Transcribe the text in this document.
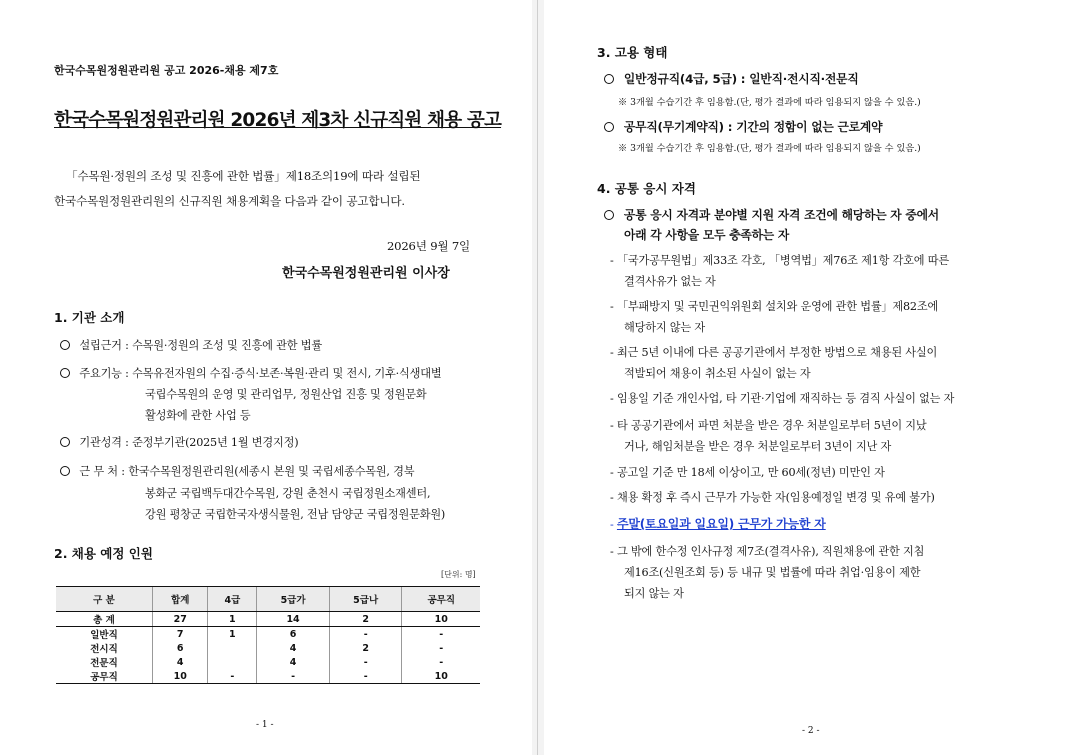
한국수목원정원관리원 공고 2026-채용 제7호
한국수목원정원관리원 2026년 제3차 신규직원 채용 공고
「수목원·정원의 조성 및 진흥에 관한 법률」제18조의19에 따라 설립된
한국수목원정원관리원의 신규직원 채용계획을 다음과 같이 공고합니다.
2026년 9월 7일
한국수목원정원관리원 이사장
1. 기관 소개
설립근거 : 수목원·정원의 조성 및 진흥에 관한 법률
주요기능 : 수목유전자원의 수집·증식·보존·복원·관리 및 전시, 기후·식생대별
국립수목원의 운영 및 관리업무, 정원산업 진흥 및 정원문화
활성화에 관한 사업 등
기관성격 : 준정부기관(2025년 1월 변경지정)
근 무 처 : 한국수목원정원관리원(세종시 본원 및 국립세종수목원, 경북
봉화군 국립백두대간수목원, 강원 춘천시 국립정원소재센터,
강원 평창군 국립한국자생식물원, 전남 담양군 국립정원문화원)
2. 채용 예정 인원
[단위: 명]
구 분	합계	4급	5급가	5급나	공무직
총 계	27	1	14	2	10
일반직	7	1	6	-	-
전시직	6		4	2	-
전문직	4		4	-	-
공무직	10	-	-	-	10
- 1 -
3. 고용 형태
일반정규직(4급, 5급) : 일반직·전시직·전문직
※ 3개월 수습기간 후 임용함.(단, 평가 결과에 따라 임용되지 않을 수 있음.)
공무직(무기계약직) : 기간의 정함이 없는 근로계약
※ 3개월 수습기간 후 임용함.(단, 평가 결과에 따라 임용되지 않을 수 있음.)
4. 공통 응시 자격
공통 응시 자격과 분야별 지원 자격 조건에 해당하는 자 중에서
아래 각 사항을 모두 충족하는 자
- 「국가공무원법」제33조 각호, 「병역법」제76조 제1항 각호에 따른
결격사유가 없는 자
- 「부패방지 및 국민권익위원회 설치와 운영에 관한 법률」제82조에
해당하지 않는 자
- 최근 5년 이내에 다른 공공기관에서 부정한 방법으로 채용된 사실이
적발되어 채용이 취소된 사실이 없는 자
- 임용일 기준 개인사업, 타 기관·기업에 재직하는 등 겸직 사실이 없는 자
- 타 공공기관에서 파면 처분을 받은 경우 처분일로부터 5년이 지났
거나, 해임처분을 받은 경우 처분일로부터 3년이 지난 자
- 공고일 기준 만 18세 이상이고, 만 60세(정년) 미만인 자
- 채용 확정 후 즉시 근무가 가능한 자(임용예정일 변경 및 유예 불가)
- 주말(토요일과 일요일) 근무가 가능한 자
- 그 밖에 한수정 인사규정 제7조(결격사유), 직원채용에 관한 지침
제16조(신원조회 등) 등 내규 및 법률에 따라 취업·임용이 제한
되지 않는 자
- 2 -
